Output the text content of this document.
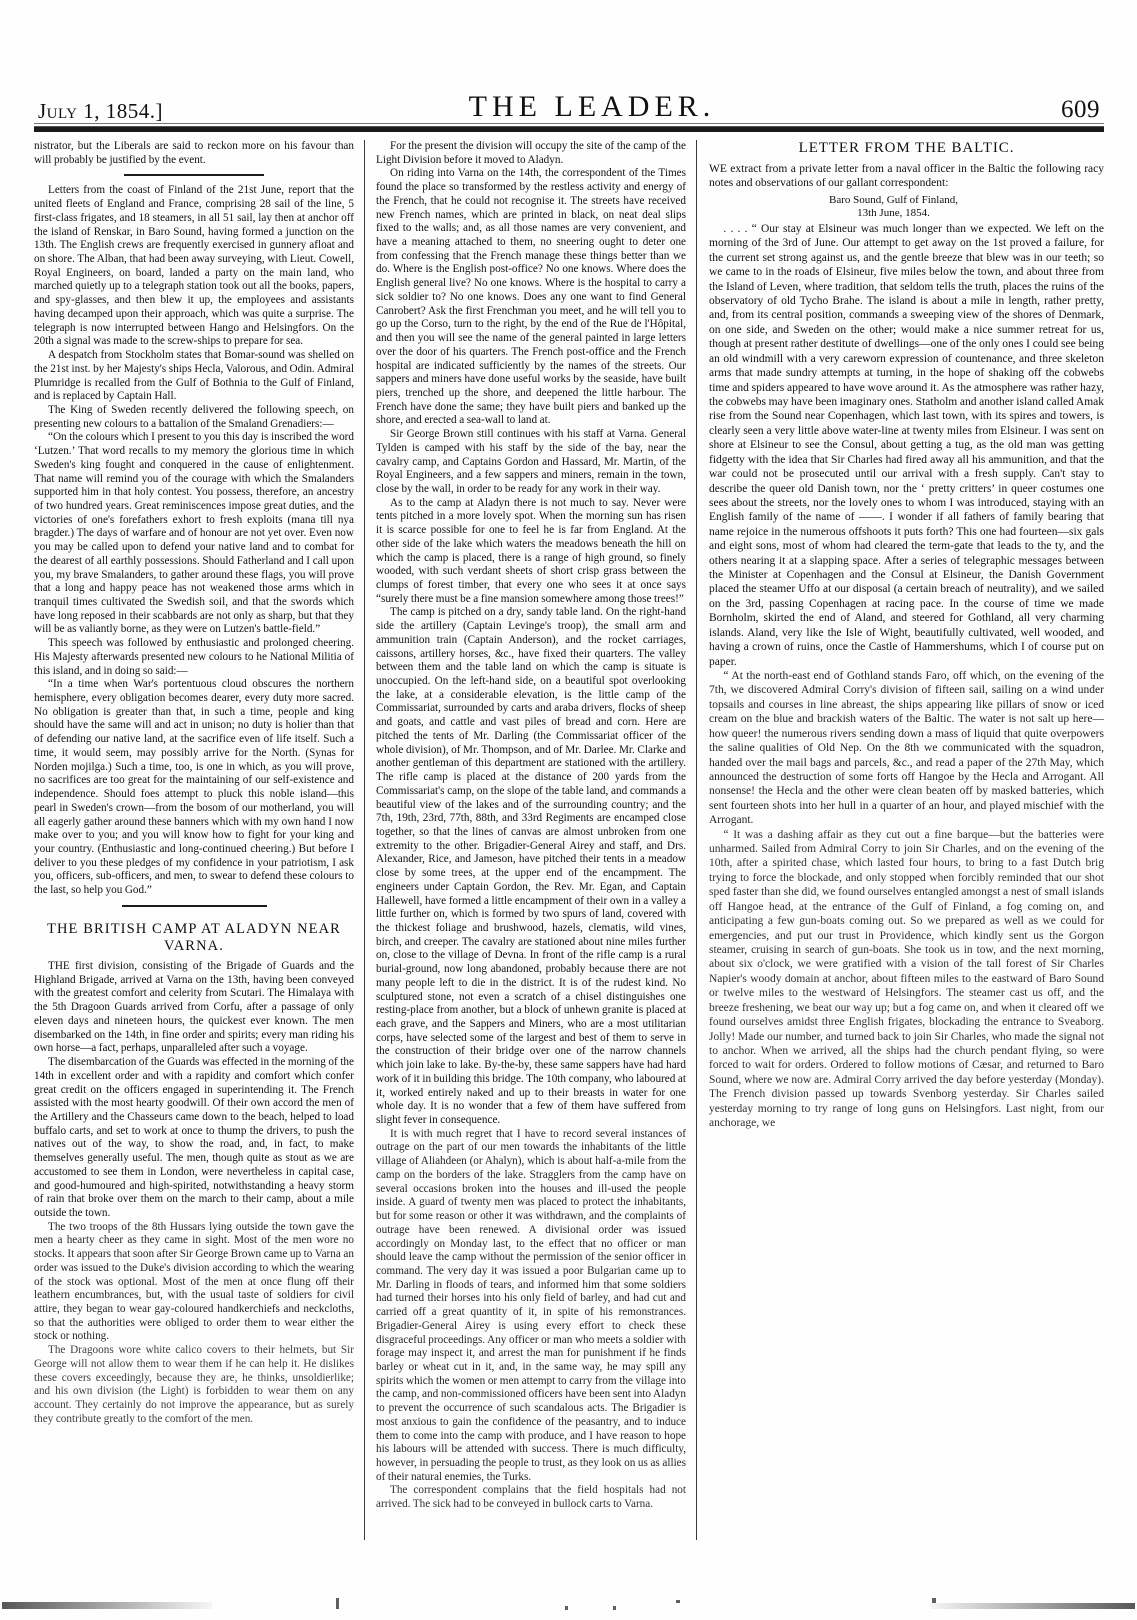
July 1, 1854.]	THE LEADER.	609

nistrator, but the Liberals are said to reckon more on his favour than will probably be justified by the event.

Letters from the coast of Finland of the 21st June, report that the united fleets of England and France, comprising 28 sail of the line, 5 first-class frigates, and 18 steamers, in all 51 sail, lay then at anchor off the island of Renskar, in Baro Sound, having formed a junction on the 13th. The English crews are frequently exercised in gunnery afloat and on shore. The Alban, that had been away surveying, with Lieut. Cowell, Royal Engineers, on board, landed a party on the main land, who marched quietly up to a telegraph station took out all the books, papers, and spy-glasses, and then blew it up, the employees and assistants having decamped upon their approach, which was quite a surprise. The telegraph is now interrupted between Hango and Helsingfors. On the 20th a signal was made to the screw-ships to prepare for sea.

A despatch from Stockholm states that Bomar-sound was shelled on the 21st inst. by her Majesty's ships Hecla, Valorous, and Odin. Admiral Plumridge is recalled from the Gulf of Bothnia to the Gulf of Finland, and is replaced by Captain Hall.

The King of Sweden recently delivered the following speech, on presenting new colours to a battalion of the Smaland Grenadiers:—

“On the colours which I present to you this day is inscribed the word ‘Lutzen.’ That word recalls to my memory the glorious time in which Sweden's king fought and conquered in the cause of enlightenment. That name will remind you of the courage with which the Smalanders supported him in that holy contest. You possess, therefore, an ancestry of two hundred years. Great reminiscences impose great duties, and the victories of one's forefathers exhort to fresh exploits (mana till nya bragder.) The days of warfare and of honour are not yet over. Even now you may be called upon to defend your native land and to combat for the dearest of all earthly possessions. Should Fatherland and I call upon you, my brave Smalanders, to gather around these flags, you will prove that a long and happy peace has not weakened those arms which in tranquil times cultivated the Swedish soil, and that the swords which have long reposed in their scabbards are not only as sharp, but that they will be as valiantly borne, as they were on Lutzen's battle-field.”

This speech was followed by enthusiastic and prolonged cheering. His Majesty afterwards presented new colours to he National Militia of this island, and in doing so said:—

“In a time when War's portentuous cloud obscures the northern hemisphere, every obligation becomes dearer, every duty more sacred. No obligation is greater than that, in such a time, people and king should have the same will and act in unison; no duty is holier than that of defending our native land, at the sacrifice even of life itself. Such a time, it would seem, may possibly arrive for the North. (Synas for Norden mojilga.) Such a time, too, is one in which, as you will prove, no sacrifices are too great for the maintaining of our self-existence and independence. Should foes attempt to pluck this noble island—this pearl in Sweden's crown—from the bosom of our motherland, you will all eagerly gather around these banners which with my own hand I now make over to you; and you will know how to fight for your king and your country. (Enthusiastic and long-continued cheering.) But before I deliver to you these pledges of my confidence in your patriotism, I ask you, officers, sub-officers, and men, to swear to defend these colours to the last, so help you God.”

THE BRITISH CAMP AT ALADYN NEAR VARNA.

THE first division, consisting of the Brigade of Guards and the Highland Brigade, arrived at Varna on the 13th, having been conveyed with the greatest comfort and celerity from Scutari. The Himalaya with the 5th Dragoon Guards arrived from Corfu, after a passage of only eleven days and nineteen hours, the quickest ever known. The men disembarked on the 14th, in fine order and spirits; every man riding his own horse—a fact, perhaps, unparalleled after such a voyage.

The disembarcation of the Guards was effected in the morning of the 14th in excellent order and with a rapidity and comfort which confer great credit on the officers engaged in superintending it. The French assisted with the most hearty goodwill. Of their own accord the men of the Artillery and the Chasseurs came down to the beach, helped to load buffalo carts, and set to work at once to thump the drivers, to push the natives out of the way, to show the road, and, in fact, to make themselves generally useful. The men, though quite as stout as we are accustomed to see them in London, were nevertheless in capital case, and good-humoured and high-spirited, notwithstanding a heavy storm of rain that broke over them on the march to their camp, about a mile outside the town.

The two troops of the 8th Hussars lying outside the town gave the men a hearty cheer as they came in sight. Most of the men wore no stocks. It appears that soon after Sir George Brown came up to Varna an order was issued to the Duke's division according to which the wearing of the stock was optional. Most of the men at once flung off their leathern encumbrances, but, with the usual taste of soldiers for civil attire, they began to wear gay-coloured handkerchiefs and neckcloths, so that the authorities were obliged to order them to wear either the stock or nothing.

The Dragoons wore white calico covers to their helmets, but Sir George will not allow them to wear them if he can help it. He dislikes these covers exceedingly, because they are, he thinks, unsoldierlike; and his own division (the Light) is forbidden to wear them on any account. They certainly do not improve the appearance, but as surely they contribute greatly to the comfort of the men.

For the present the division will occupy the site of the camp of the Light Division before it moved to Aladyn.

On riding into Varna on the 14th, the correspondent of the Times found the place so transformed by the restless activity and energy of the French, that he could not recognise it. The streets have received new French names, which are printed in black, on neat deal slips fixed to the walls; and, as all those names are very convenient, and have a meaning attached to them, no sneering ought to deter one from confessing that the French manage these things better than we do. Where is the English post-office? No one knows. Where does the English general live? No one knows. Where is the hospital to carry a sick soldier to? No one knows. Does any one want to find General Canrobert? Ask the first Frenchman you meet, and he will tell you to go up the Corso, turn to the right, by the end of the Rue de l'Hôpital, and then you will see the name of the general painted in large letters over the door of his quarters. The French post-office and the French hospital are indicated sufficiently by the names of the streets. Our sappers and miners have done useful works by the seaside, have built piers, trenched up the shore, and deepened the little harbour. The French have done the same; they have built piers and banked up the shore, and erected a sea-wall to land at.

Sir George Brown still continues with his staff at Varna. General Tylden is camped with his staff by the side of the bay, near the cavalry camp, and Captains Gordon and Hassard, Mr. Martin, of the Royal Engineers, and a few sappers and miners, remain in the town, close by the wall, in order to be ready for any work in their way.

As to the camp at Aladyn there is not much to say. Never were tents pitched in a more lovely spot. When the morning sun has risen it is scarce possible for one to feel he is far from England. At the other side of the lake which waters the meadows beneath the hill on which the camp is placed, there is a range of high ground, so finely wooded, with such verdant sheets of short crisp grass between the clumps of forest timber, that every one who sees it at once says “surely there must be a fine mansion somewhere among those trees!”

The camp is pitched on a dry, sandy table land. On the right-hand side the artillery (Captain Levinge's troop), the small arm and ammunition train (Captain Anderson), and the rocket carriages, caissons, artillery horses, &c., have fixed their quarters. The valley between them and the table land on which the camp is situate is unoccupied. On the left-hand side, on a beautiful spot overlooking the lake, at a considerable elevation, is the little camp of the Commissariat, surrounded by carts and araba drivers, flocks of sheep and goats, and cattle and vast piles of bread and corn. Here are pitched the tents of Mr. Darling (the Commissariat officer of the whole division), of Mr. Thompson, and of Mr. Darlee. Mr. Clarke and another gentleman of this department are stationed with the artillery. The rifle camp is placed at the distance of 200 yards from the Commissariat's camp, on the slope of the table land, and commands a beautiful view of the lakes and of the surrounding country; and the 7th, 19th, 23rd, 77th, 88th, and 33rd Regiments are encamped close together, so that the lines of canvas are almost unbroken from one extremity to the other. Brigadier-General Airey and staff, and Drs. Alexander, Rice, and Jameson, have pitched their tents in a meadow close by some trees, at the upper end of the encampment. The engineers under Captain Gordon, the Rev. Mr. Egan, and Captain Hallewell, have formed a little encampment of their own in a valley a little further on, which is formed by two spurs of land, covered with the thickest foliage and brushwood, hazels, clematis, wild vines, birch, and creeper. The cavalry are stationed about nine miles further on, close to the village of Devna. In front of the rifle camp is a rural burial-ground, now long abandoned, probably because there are not many people left to die in the district. It is of the rudest kind. No sculptured stone, not even a scratch of a chisel distinguishes one resting-place from another, but a block of unhewn granite is placed at each grave, and the Sappers and Miners, who are a most utilitarian corps, have selected some of the largest and best of them to serve in the construction of their bridge over one of the narrow channels which join lake to lake. By-the-by, these same sappers have had hard work of it in building this bridge. The 10th company, who laboured at it, worked entirely naked and up to their breasts in water for one whole day. It is no wonder that a few of them have suffered from slight fever in consequence.

It is with much regret that I have to record several instances of outrage on the part of our men towards the inhabitants of the little village of Aliahdeen (or Ahalyn), which is about half-a-mile from the camp on the borders of the lake. Stragglers from the camp have on several occasions broken into the houses and ill-used the people inside. A guard of twenty men was placed to protect the inhabitants, but for some reason or other it was withdrawn, and the complaints of outrage have been renewed. A divisional order was issued accordingly on Monday last, to the effect that no officer or man should leave the camp without the permission of the senior officer in command. The very day it was issued a poor Bulgarian came up to Mr. Darling in floods of tears, and informed him that some soldiers had turned their horses into his only field of barley, and had cut and carried off a great quantity of it, in spite of his remonstrances. Brigadier-General Airey is using every effort to check these disgraceful proceedings. Any officer or man who meets a soldier with forage may inspect it, and arrest the man for punishment if he finds barley or wheat cut in it, and, in the same way, he may spill any spirits which the women or men attempt to carry from the village into the camp, and non-commissioned officers have been sent into Aladyn to prevent the occurrence of such scandalous acts. The Brigadier is most anxious to gain the confidence of the peasantry, and to induce them to come into the camp with produce, and I have reason to hope his labours will be attended with success. There is much difficulty, however, in persuading the people to trust, as they look on us as allies of their natural enemies, the Turks.

The correspondent complains that the field hospitals had not arrived. The sick had to be conveyed in bullock carts to Varna.

LETTER FROM THE BALTIC.

WE extract from a private letter from a naval officer in the Baltic the following racy notes and observations of our gallant correspondent:

Baro Sound, Gulf of Finland,
13th June, 1854.

. . . . “ Our stay at Elsineur was much longer than we expected. We left on the morning of the 3rd of June. Our attempt to get away on the 1st proved a failure, for the current set strong against us, and the gentle breeze that blew was in our teeth; so we came to in the roads of Elsineur, five miles below the town, and about three from the Island of Leven, where tradition, that seldom tells the truth, places the ruins of the observatory of old Tycho Brahe. The island is about a mile in length, rather pretty, and, from its central position, commands a sweeping view of the shores of Denmark, on one side, and Sweden on the other; would make a nice summer retreat for us, though at present rather destitute of dwellings—one of the only ones I could see being an old windmill with a very careworn expression of countenance, and three skeleton arms that made sundry attempts at turning, in the hope of shaking off the cobwebs time and spiders appeared to have wove around it. As the atmosphere was rather hazy, the cobwebs may have been imaginary ones. Statholm and another island called Amak rise from the Sound near Copenhagen, which last town, with its spires and towers, is clearly seen a very little above water-line at twenty miles from Elsineur. I was sent on shore at Elsineur to see the Consul, about getting a tug, as the old man was getting fidgetty with the idea that Sir Charles had fired away all his ammunition, and that the war could not be prosecuted until our arrival with a fresh supply. Can't stay to describe the queer old Danish town, nor the ‘ pretty critters’ in queer costumes one sees about the streets, nor the lovely ones to whom I was introduced, staying with an English family of the name of ——. I wonder if all fathers of family bearing that name rejoice in the numerous offshoots it puts forth? This one had fourteen—six gals and eight sons, most of whom had cleared the term-gate that leads to the ty, and the others nearing it at a slapping space. After a series of telegraphic messages between the Minister at Copenhagen and the Consul at Elsineur, the Danish Government placed the steamer Uffo at our disposal (a certain breach of neutrality), and we sailed on the 3rd, passing Copenhagen at racing pace. In the course of time we made Bornholm, skirted the end of Aland, and steered for Gothland, all very charming islands. Aland, very like the Isle of Wight, beautifully cultivated, well wooded, and having a crown of ruins, once the Castle of Hammershums, which I of course put on paper.

“ At the north-east end of Gothland stands Faro, off which, on the evening of the 7th, we discovered Admiral Corry's division of fifteen sail, sailing on a wind under topsails and courses in line abreast, the ships appearing like pillars of snow or iced cream on the blue and brackish waters of the Baltic. The water is not salt up here—how queer! the numerous rivers sending down a mass of liquid that quite overpowers the saline qualities of Old Nep. On the 8th we communicated with the squadron, handed over the mail bags and parcels, &c., and read a paper of the 27th May, which announced the destruction of some forts off Hangoe by the Hecla and Arrogant. All nonsense! the Hecla and the other were clean beaten off by masked batteries, which sent fourteen shots into her hull in a quarter of an hour, and played mischief with the Arrogant.

“ It was a dashing affair as they cut out a fine barque—but the batteries were unharmed. Sailed from Admiral Corry to join Sir Charles, and on the evening of the 10th, after a spirited chase, which lasted four hours, to bring to a fast Dutch brig trying to force the blockade, and only stopped when forcibly reminded that our shot sped faster than she did, we found ourselves entangled amongst a nest of small islands off Hangoe head, at the entrance of the Gulf of Finland, a fog coming on, and anticipating a few gun-boats coming out. So we prepared as well as we could for emergencies, and put our trust in Providence, which kindly sent us the Gorgon steamer, cruising in search of gun-boats. She took us in tow, and the next morning, about six o'clock, we were gratified with a vision of the tall forest of Sir Charles Napier's woody domain at anchor, about fifteen miles to the eastward of Baro Sound or twelve miles to the westward of Helsingfors. The steamer cast us off, and the breeze freshening, we beat our way up; but a fog came on, and when it cleared off we found ourselves amidst three English frigates, blockading the entrance to Sveaborg. Jolly! Made our number, and turned back to join Sir Charles, who made the signal not to anchor. When we arrived, all the ships had the church pendant flying, so were forced to wait for orders. Ordered to follow motions of Cæsar, and returned to Baro Sound, where we now are. Admiral Corry arrived the day before yesterday (Monday). The French division passed up towards Svenborg yesterday. Sir Charles sailed yesterday morning to try range of long guns on Helsingfors. Last night, from our anchorage, we
